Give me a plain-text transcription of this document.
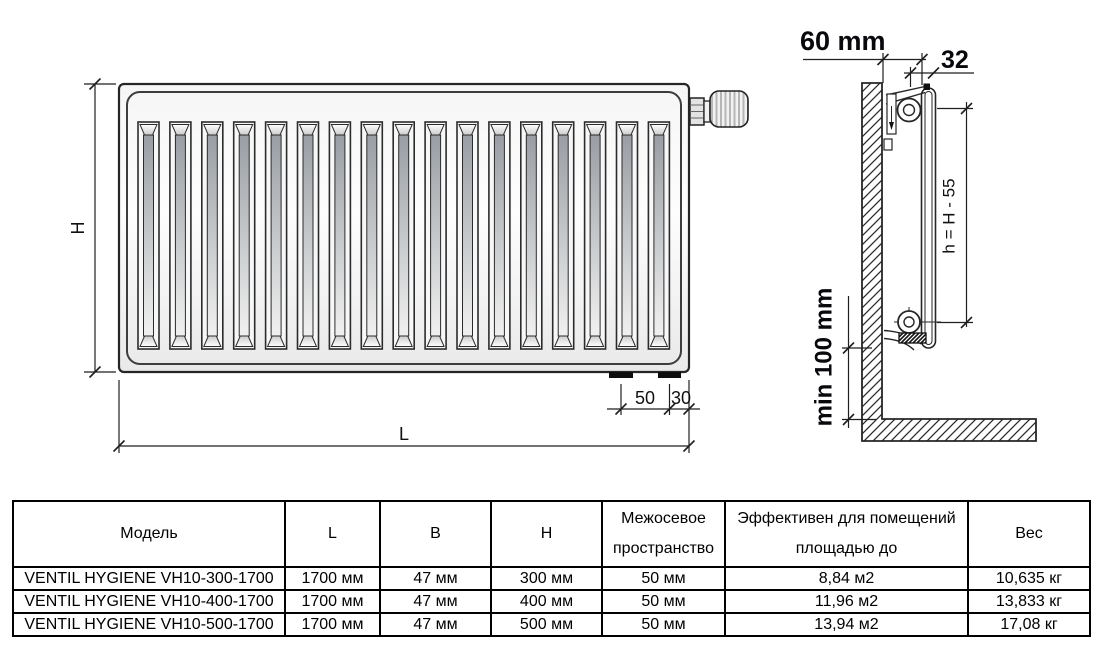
H
L
50 30
60 mm
32
h = H - 55
min 100 mm
Модель	L	B	H	Межосевое пространство	Эффективен для помещений площадью до	Вес
VENTIL HYGIENE VH10-300-1700	1700 мм	47 мм	300 мм	50 мм	8,84 м2	10,635 кг
VENTIL HYGIENE VH10-400-1700	1700 мм	47 мм	400 мм	50 мм	11,96 м2	13,833 кг
VENTIL HYGIENE VH10-500-1700	1700 мм	47 мм	500 мм	50 мм	13,94 м2	17,08 кг
